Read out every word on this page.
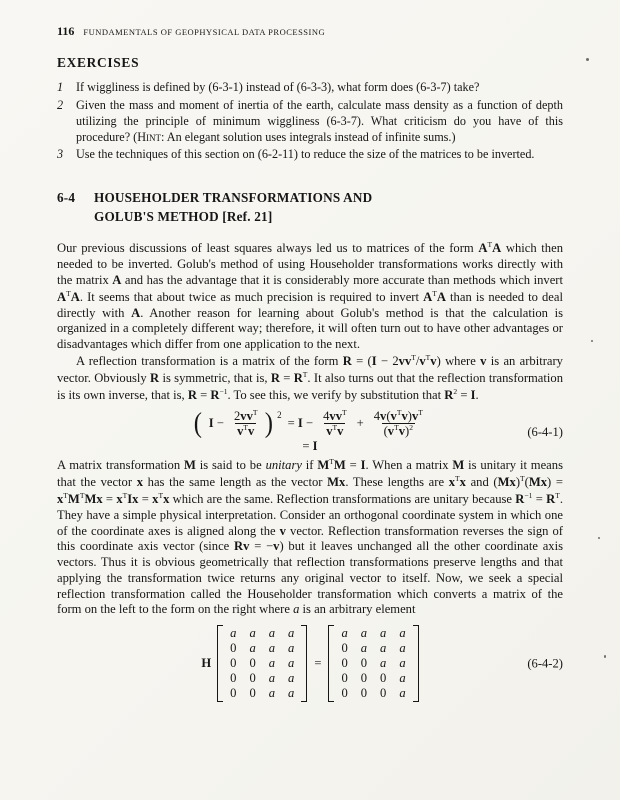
116 FUNDAMENTALS OF GEOPHYSICAL DATA PROCESSING
EXERCISES
1	If wiggliness is defined by (6-3-1) instead of (6-3-3), what form does (6-3-7) take?
2	Given the mass and moment of inertia of the earth, calculate mass density as a function of depth utilizing the principle of minimum wiggliness (6-3-7). What criticism do you have of this procedure? (Hint: An elegant solution uses integrals instead of infinite sums.)
3	Use the techniques of this section on (6-2-11) to reduce the size of the matrices to be inverted.
6-4	HOUSEHOLDER TRANSFORMATIONS AND
GOLUB'S METHOD [Ref. 21]

Our previous discussions of least squares always led us to matrices of the form $A^TA$ which then needed to be inverted. Golub's method of using Householder transformations works directly with the matrix A and has the advantage that it is considerably more accurate than methods which invert $A^TA$. It seems that about twice as much precision is required to invert $A^TA$ than is needed to deal directly with A. Another reason for learning about Golub's method is that the calculation is organized in a completely different way; therefore, it will often turn out to have other advantages or disadvantages which differ from one application to the next.

A reflection transformation is a matrix of the form $R = (I - 2vv^T/v^Tv)$ where v is an arbitrary vector. Obviously R is symmetric, that is, $R = R^T$. It also turns out that the reflection transformation is its own inverse, that is, $R = R^{-1}$. To see this, we verify by substitution that $R^2 = I$.

( $I - \frac{2vv^T}{v^Tv}$ ) 2
= $I - \frac{4vv^T}{v^Tv} + \frac{4v(v^Tv)v^T}{(v^Tv)^2}$	(6-4-1)
= I

A matrix transformation M is said to be unitary if $M^TM = I$. When a matrix M is unitary it means that the vector x has the same length as the vector Mx. These lengths are $x^Tx$ and $(Mx)^T(Mx) = x^TM^TMx = x^TIx = x^Tx$ which are the same. Reflection transformations are unitary because $R^{-1} = R^T$. They have a simple physical interpretation. Consider an orthogonal coordinate system in which one of the coordinate axes is aligned along the v vector. Reflection transformation reverses the sign of this coordinate axis vector (since Rv = −v) but it leaves unchanged all the other coordinate axis vectors. Thus it is obvious geometrically that reflection transformations preserve lengths and that applying the transformation twice returns any original vector to itself. Now, we seek a special reflection transformation called the Householder transformation which converts a matrix of the form on the left to the form on the right where a is an arbitrary element

H
a a a a
0 a a a
0 0 a a
0 0 a a
0 0 a a
=
a a a a
0 a a a
0 0 a a
0 0 0 a
0 0 0 a
(6-4-2)
